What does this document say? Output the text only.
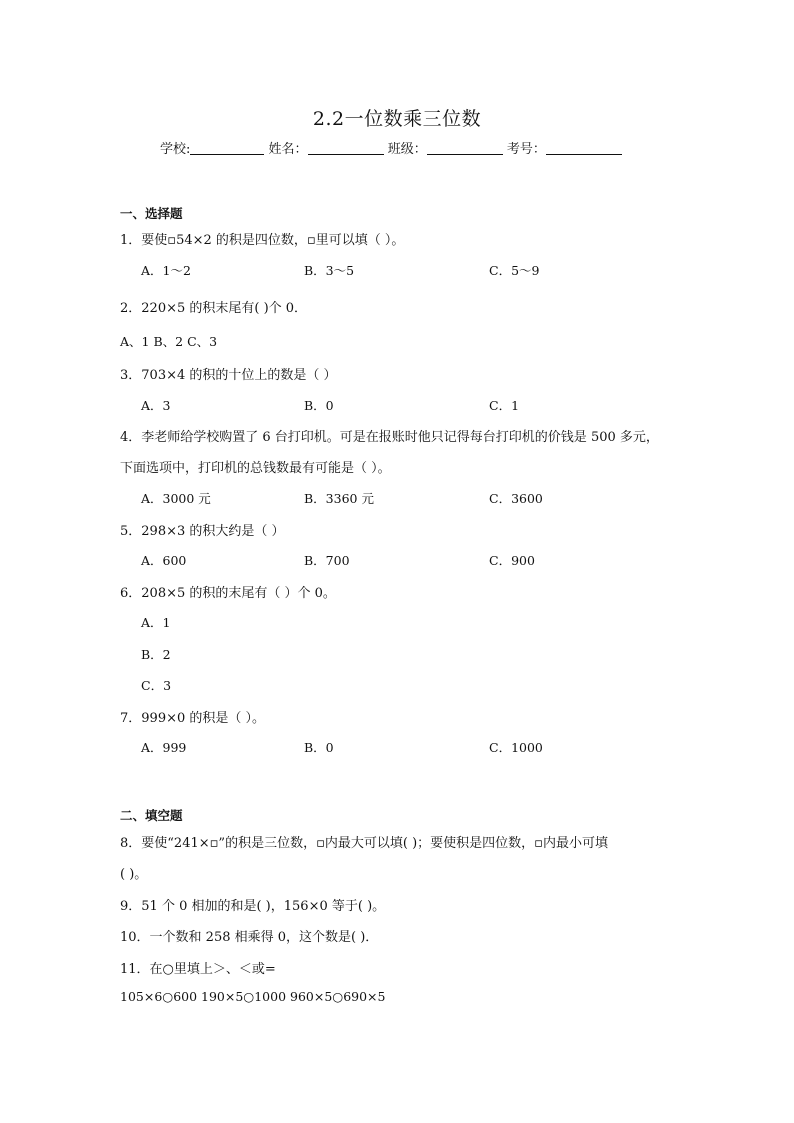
2.2一位数乘三位数
学校:	姓名：	班级：	考号：
一、选择题
1．要使▫54×2 的积是四位数，▫里可以填（ ）。
A．1～2	B．3～5	C．5～9
2．220×5 的积末尾有( )个 0．
A、1 B、2 C、3
3．703×4 的积的十位上的数是（ ）
A．3	B．0	C．1
4．李老师给学校购置了 6 台打印机。可是在报账时他只记得每台打印机的价钱是 500 多元，
下面选项中，打印机的总钱数最有可能是（ ）。
A．3000 元	B．3360 元	C．3600
5．298×3 的积大约是（ ）
A．600	B．700	C．900
6．208×5 的积的末尾有（ ）个 0。
A．1
B．2
C．3
7．999×0 的积是（ ）。
A．999	B．0	C．1000
二、填空题
8．要使“241×▫”的积是三位数，▫内最大可以填( )；要使积是四位数，▫内最小可填
( )。
9．51 个 0 相加的和是( )，156×0 等于( )。
10．一个数和 258 相乘得 0，这个数是( )．
11．在○里填上＞、＜或=
105×6○600 190×5○1000 960×5○690×5
